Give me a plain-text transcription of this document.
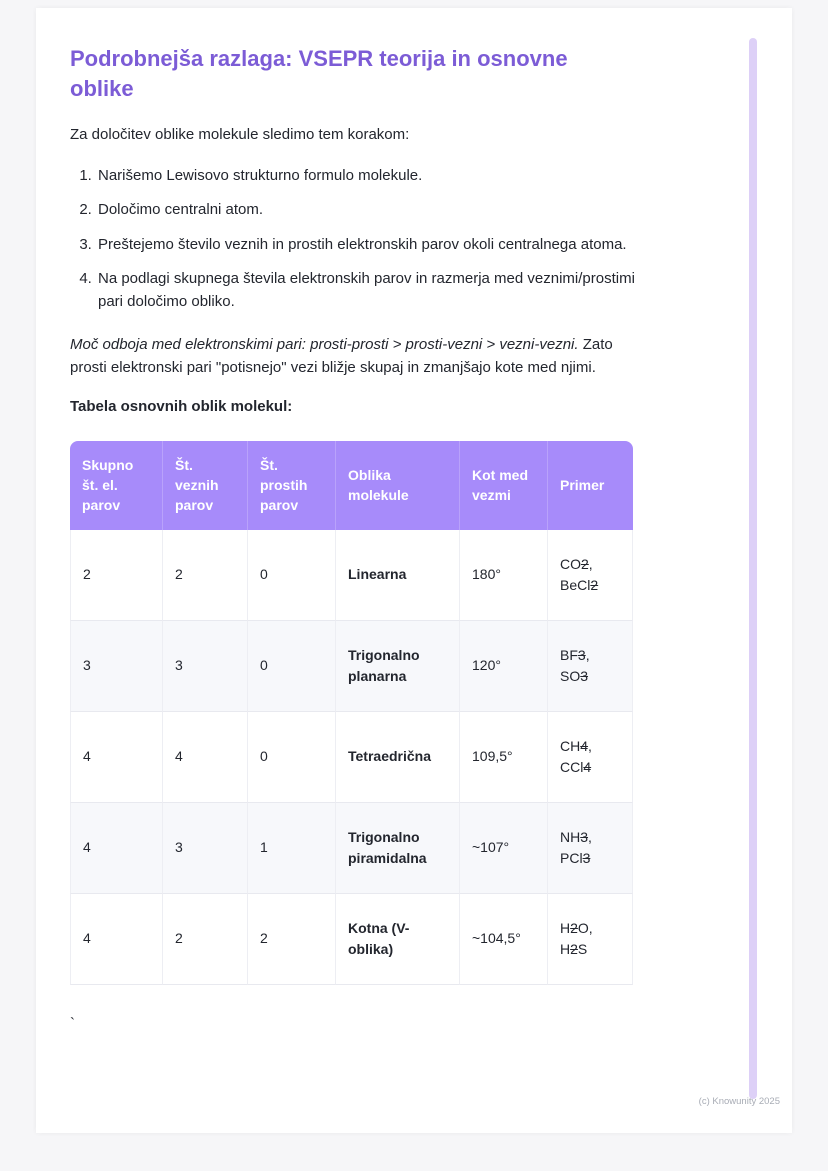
Podrobnejša razlaga: VSEPR teorija in osnovne oblike

Za določitev oblike molekule sledimo tem korakom:

1. Narišemo Lewisovo strukturno formulo molekule.
2. Določimo centralni atom.
3. Preštejemo število veznih in prostih elektronskih parov okoli centralnega atoma.
4. Na podlagi skupnega števila elektronskih parov in razmerja med veznimi/prostimi pari določimo obliko.

Moč odboja med elektronskimi pari: prosti-prosti > prosti-vezni > vezni-vezni. Zato prosti elektronski pari "potisnejo" vezi bližje skupaj in zmanjšajo kote med njimi.

Tabela osnovnih oblik molekul:

Skupno št. el. parov	Št. veznih parov	Št. prostih parov	Oblika molekule	Kot med vezmi	Primer
2	2	0	Linearna	180°	CO2,
BeCl2
3	3	0	Trigonalno planarna	120°	BF3,
SO3
4	4	0	Tetraedrična	109,5°	CH4,
CCl4
4	3	1	Trigonalno piramidalna	~107°	NH3,
PCl3
4	2	2	Kotna (V-oblika)	~104,5°	H2O,
H2S

`

(c) Knowunity 2025
